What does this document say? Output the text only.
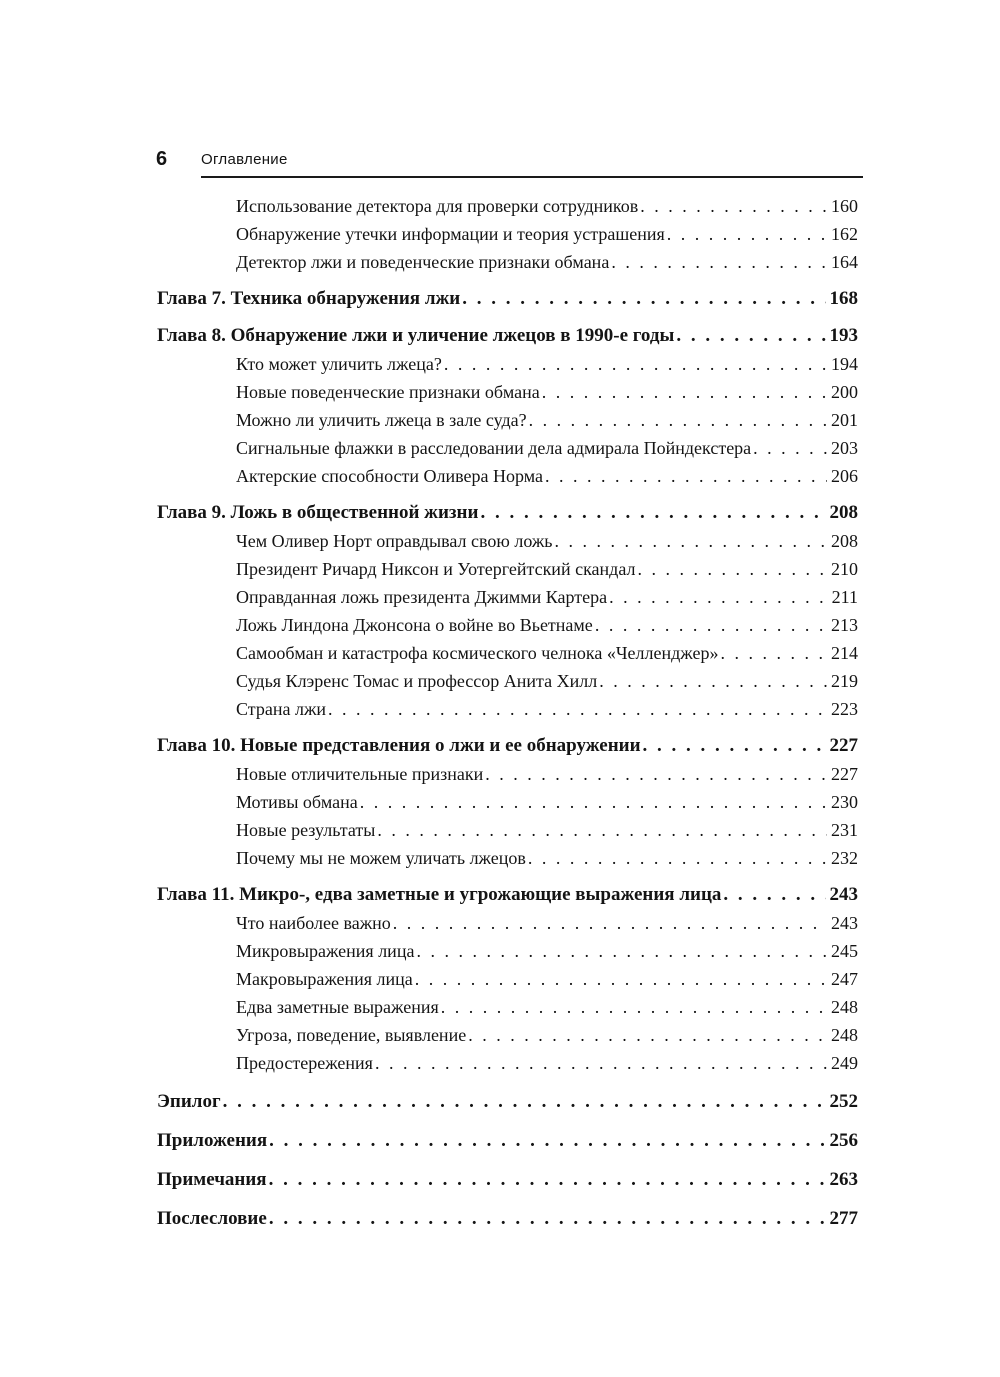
6 Оглавление
Использование детектора для проверки сотрудников . . .	160
Обнаружение утечки информации и теория устрашения . . .	162
Детектор лжи и поведенческие признаки обмана . . .	164
Глава 7. Техника обнаружения лжи . . .	168
Глава 8. Обнаружение лжи и уличение лжецов в 1990-е годы . . .	193
Кто может уличить лжеца? . . .	194
Новые поведенческие признаки обмана . . .	200
Можно ли уличить лжеца в зале суда? . . .	201
Сигнальные флажки в расследовании дела адмирала Пойндекстера . . .	203
Актерские способности Оливера Норма . . .	206
Глава 9. Ложь в общественной жизни . . .	208
Чем Оливер Норт оправдывал свою ложь . . .	208
Президент Ричард Никсон и Уотергейтский скандал . . .	210
Оправданная ложь президента Джимми Картера . . .	211
Ложь Линдона Джонсона о войне во Вьетнаме . . .	213
Самообман и катастрофа космического челнока «Челленджер» . . .	214
Судья Клэренс Томас и профессор Анита Хилл . . .	219
Страна лжи . . .	223
Глава 10. Новые представления о лжи и ее обнаружении . . .	227
Новые отличительные признаки . . .	227
Мотивы обмана . . .	230
Новые результаты . . .	231
Почему мы не можем уличать лжецов . . .	232
Глава 11. Микро-, едва заметные и угрожающие выражения лица . . .	243
Что наиболее важно . . .	243
Микровыражения лица . . .	245
Макровыражения лица . . .	247
Едва заметные выражения . . .	248
Угроза, поведение, выявление . . .	248
Предостережения . . .	249
Эпилог . . .	252
Приложения . . .	256
Примечания . . .	263
Послесловие . . .	277
